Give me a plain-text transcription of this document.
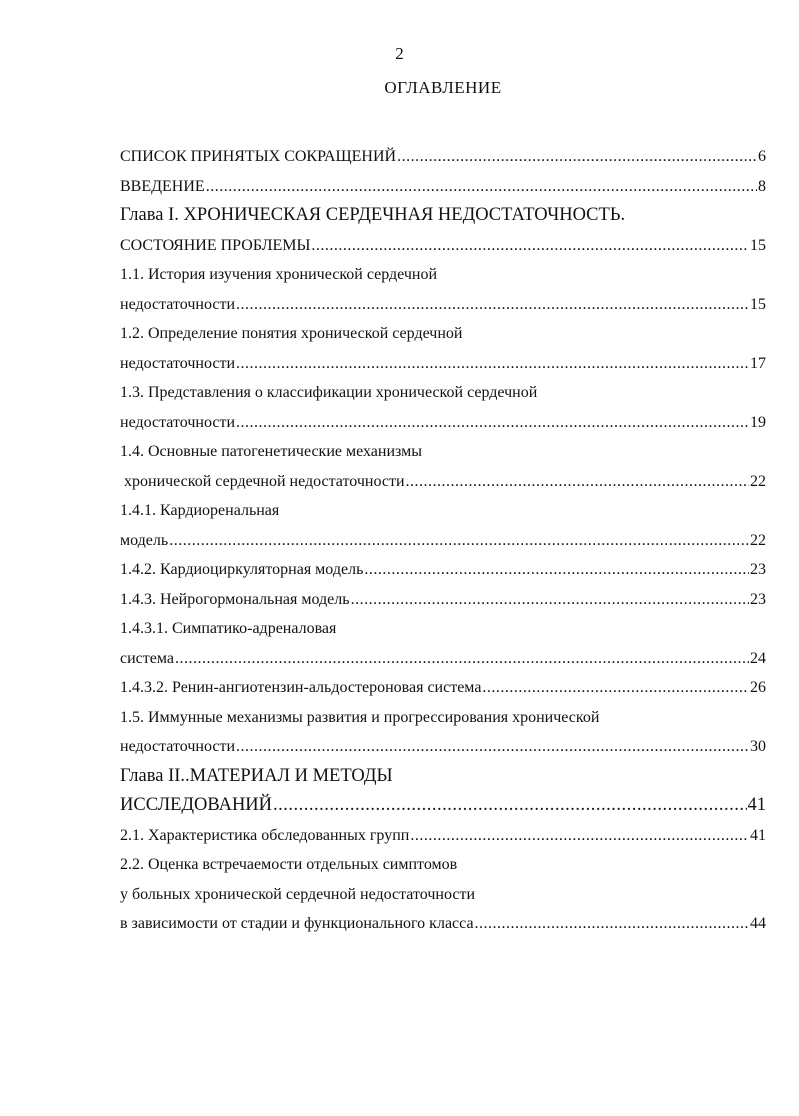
2
ОГЛАВЛЕНИЕ
СПИСОК ПРИНЯТЫХ СОКРАЩЕНИЙ .....	6
ВВЕДЕНИЕ .....	8
Глава I. ХРОНИЧЕСКАЯ СЕРДЕЧНАЯ НЕДОСТАТОЧНОСТЬ.
СОСТОЯНИЕ ПРОБЛЕМЫ .....	15
1.1. История изучения хронической сердечной
недостаточности .....	15
1.2. Определение понятия хронической сердечной
недостаточности .....	17
1.3. Представления о классификации хронической сердечной
недостаточности .....	19
1.4. Основные патогенетические механизмы
хронической сердечной недостаточности .....	22
1.4.1. Кардиоренальная
модель .....	22
1.4.2. Кардиоциркуляторная модель .....	23
1.4.3. Нейрогормональная модель .....	23
1.4.3.1. Симпатико-адреналовая
система .....	24
1.4.3.2. Ренин-ангиотензин-альдостероновая система .....	26
1.5. Иммунные механизмы развития и прогрессирования хронической
недостаточности .....	30
Глава II..МАТЕРИАЛ И МЕТОДЫ
ИССЛЕДОВАНИЙ .....	41
2.1. Характеристика обследованных групп .....	41
2.2. Оценка встречаемости отдельных симптомов
у больных хронической сердечной недостаточности
в зависимости от стадии и функционального класса .....	44
